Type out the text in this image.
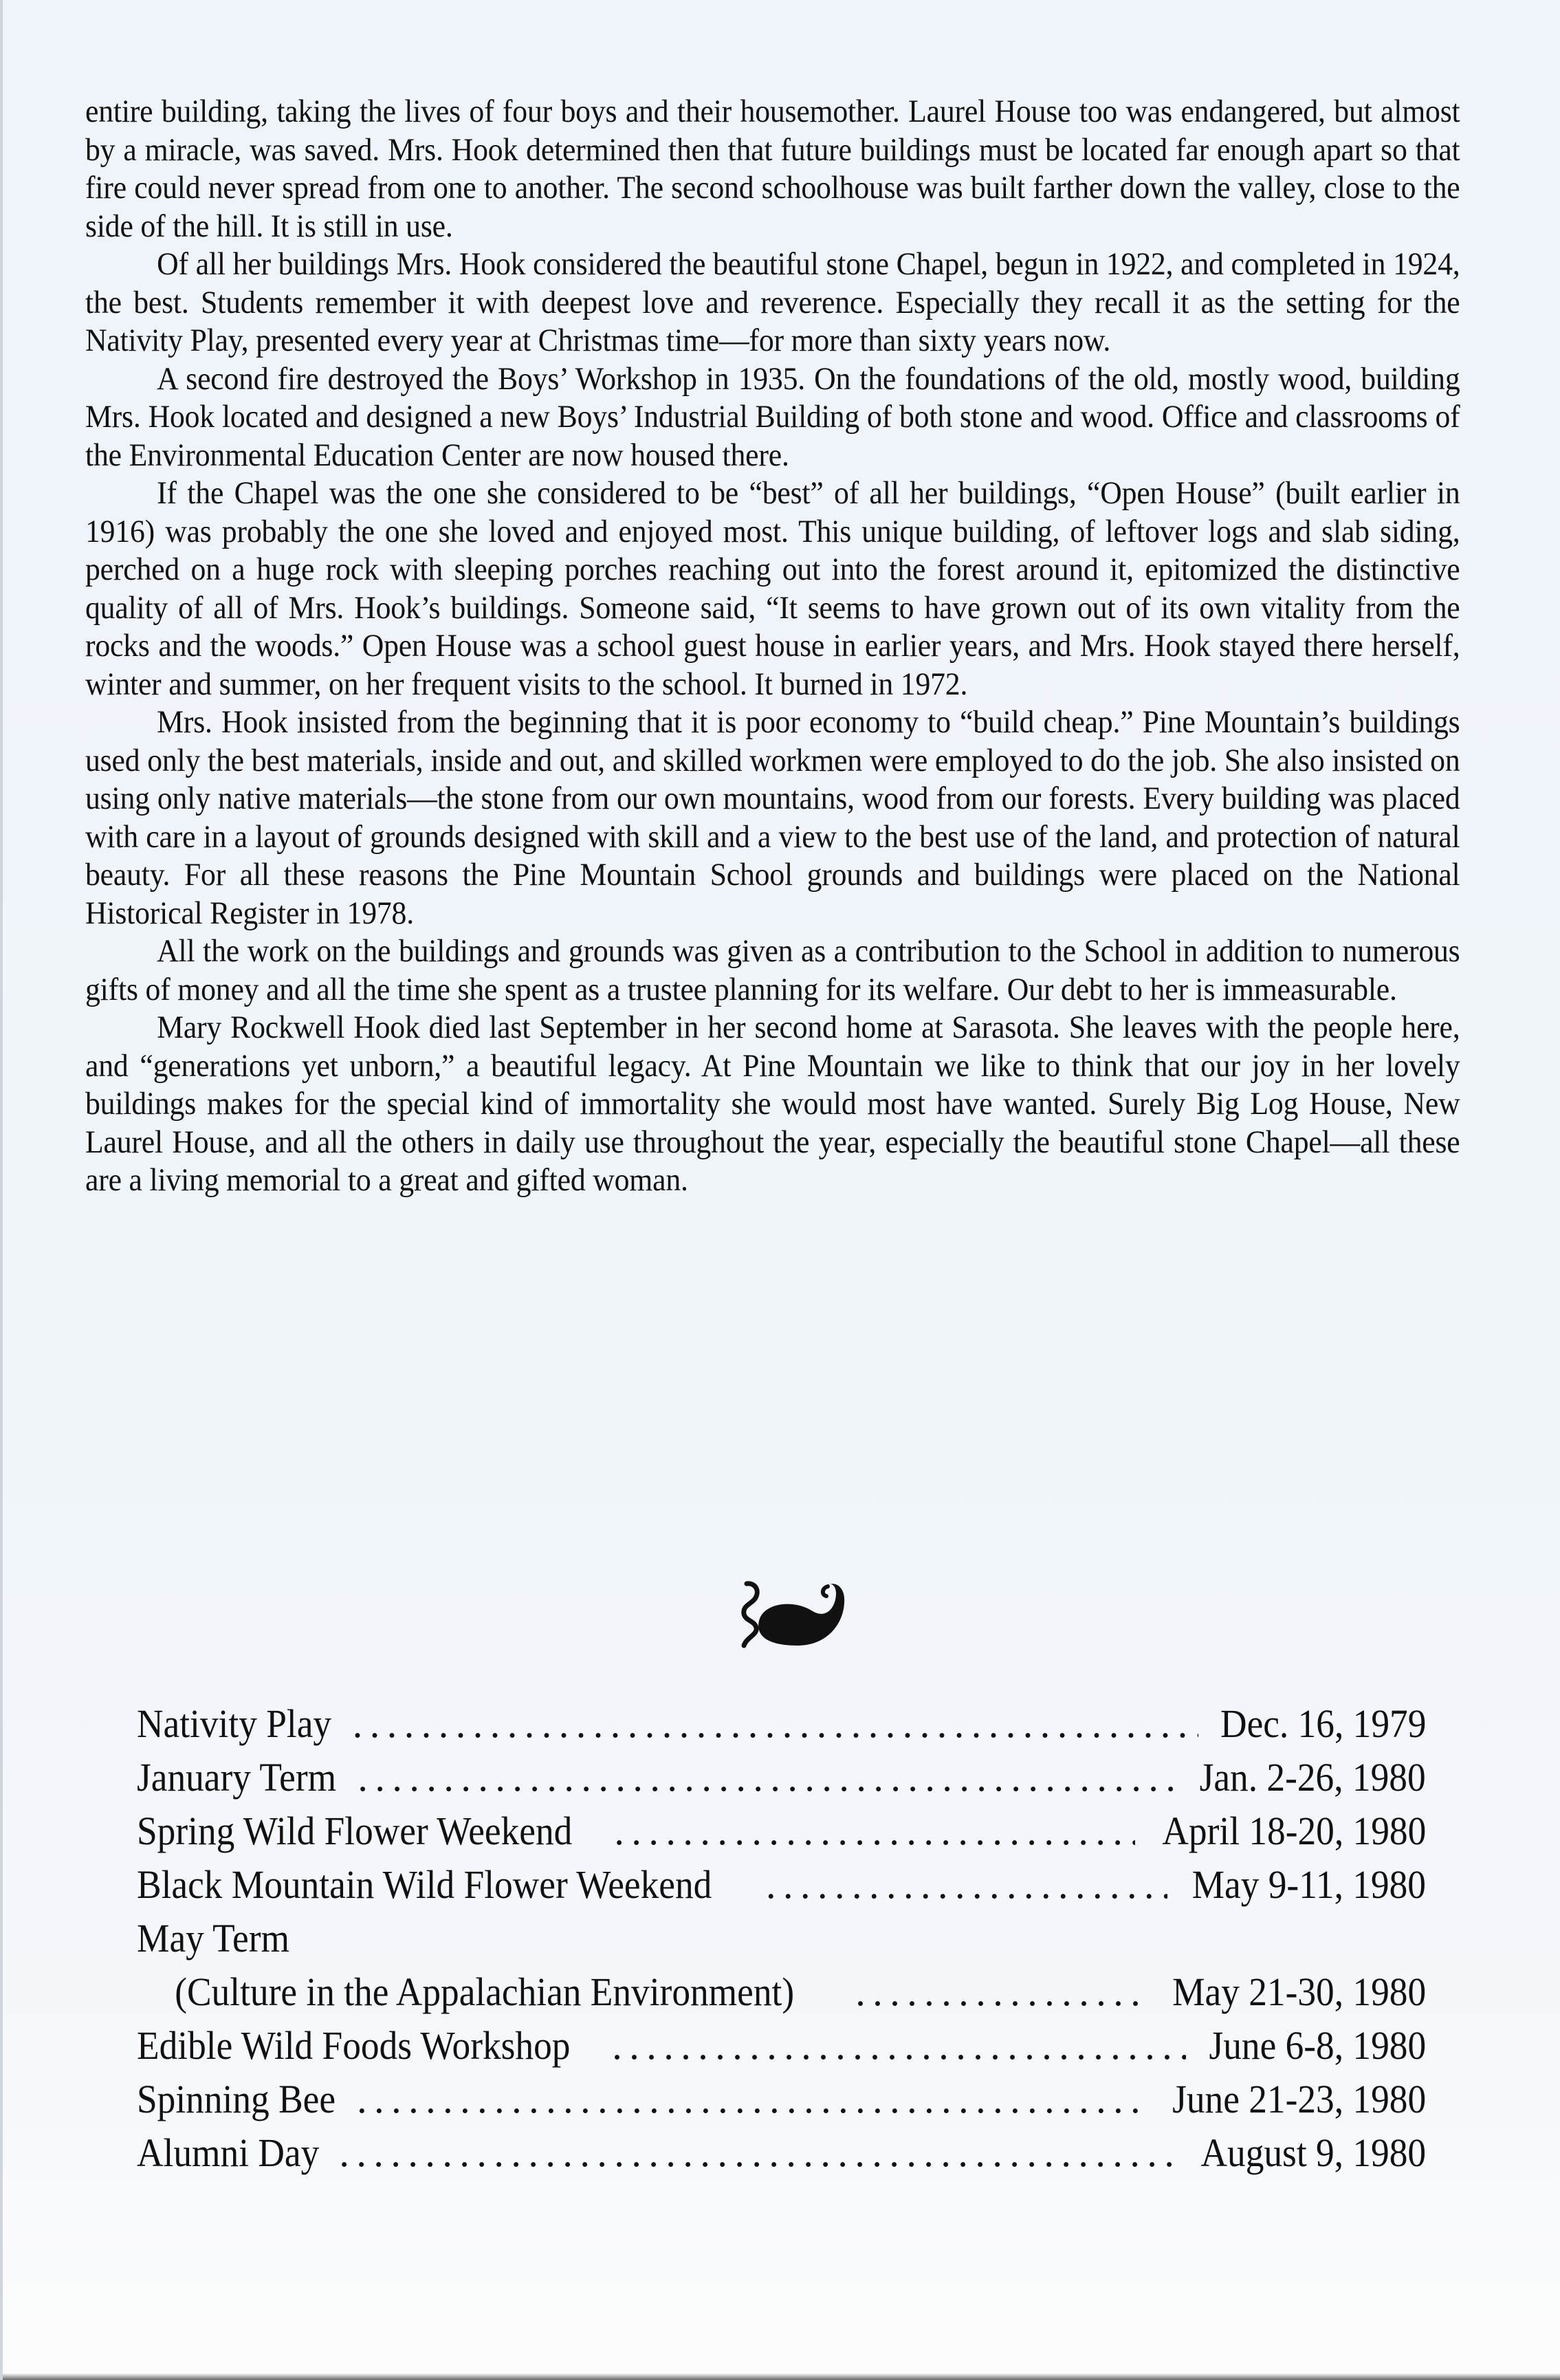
entire building, taking the lives of four boys and their housemother. Laurel House too was endangered, but almost by a miracle, was saved. Mrs. Hook determined then that future buildings must be located far enough apart so that fire could never spread from one to another. The second schoolhouse was built farther down the valley, close to the side of the hill. It is still in use.

Of all her buildings Mrs. Hook considered the beautiful stone Chapel, begun in 1922, and completed in 1924, the best. Students remember it with deepest love and reverence. Especially they recall it as the setting for the Nativity Play, presented every year at Christmas time—for more than sixty years now.

A second fire destroyed the Boys’ Workshop in 1935. On the foundations of the old, mostly wood, building Mrs. Hook located and designed a new Boys’ Industrial Building of both stone and wood. Office and classrooms of the Environmental Education Center are now housed there.

If the Chapel was the one she considered to be “best” of all her buildings, “Open House” (built earlier in 1916) was probably the one she loved and enjoyed most. This unique building, of leftover logs and slab siding, perched on a huge rock with sleeping porches reaching out into the forest around it, epitomized the distinctive quality of all of Mrs. Hook’s buildings. Someone said, “It seems to have grown out of its own vitality from the rocks and the woods.” Open House was a school guest house in earlier years, and Mrs. Hook stayed there herself, winter and summer, on her frequent visits to the school. It burned in 1972.

Mrs. Hook insisted from the beginning that it is poor economy to “build cheap.” Pine Mountain’s buildings used only the best materials, inside and out, and skilled workmen were employed to do the job. She also insisted on using only native materials—the stone from our own mountains, wood from our forests. Every building was placed with care in a layout of grounds designed with skill and a view to the best use of the land, and protection of natural beauty. For all these reasons the Pine Mountain School grounds and buildings were placed on the National Historical Register in 1978.

All the work on the buildings and grounds was given as a contribution to the School in addition to numerous gifts of money and all the time she spent as a trustee planning for its welfare. Our debt to her is immeasurable.

Mary Rockwell Hook died last September in her second home at Sarasota. She leaves with the people here, and “generations yet unborn,” a beautiful legacy. At Pine Mountain we like to think that our joy in her lovely buildings makes for the special kind of immortality she would most have wanted. Surely Big Log House, New Laurel House, and all the others in daily use throughout the year, especially the beautiful stone Chapel—all these are a living memorial to a great and gifted woman.

Nativity Play . . .	Dec. 16, 1979
January Term . . .	Jan. 2-26, 1980
Spring Wild Flower Weekend . . .	April 18-20, 1980
Black Mountain Wild Flower Weekend . . .	May 9-11, 1980
May Term
(Culture in the Appalachian Environment) . . .	May 21-30, 1980
Edible Wild Foods Workshop . . .	June 6-8, 1980
Spinning Bee . . .	June 21-23, 1980
Alumni Day . . .	August 9, 1980
